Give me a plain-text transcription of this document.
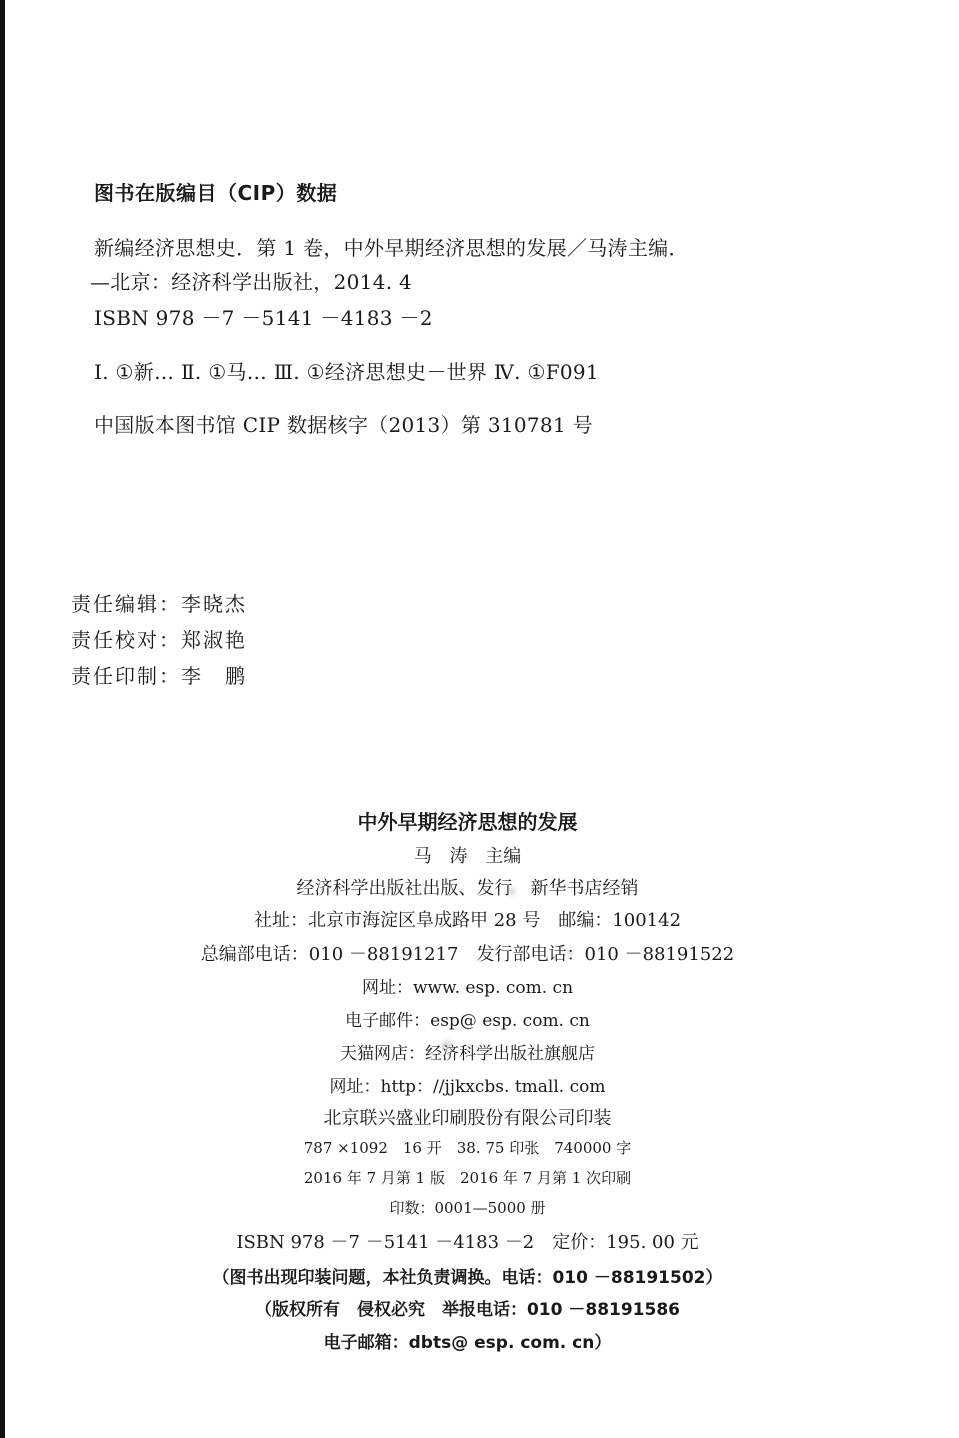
图书在版编目（CIP）数据
新编经济思想史．第 1 卷，中外早期经济思想的发展／马涛主编．
—北京：经济科学出版社，2014. 4
ISBN 978 －7 －5141 －4183 －2
Ⅰ. ①新… Ⅱ. ①马… Ⅲ. ①经济思想史－世界 Ⅳ. ①F091
中国版本图书馆 CIP 数据核字（2013）第 310781 号
责任编辑：李晓杰
责任校对：郑淑艳
责任印制：李　鹏
中外早期经济思想的发展
马 涛 主编
经济科学出版社出版、发行　新华书店经销
社址：北京市海淀区阜成路甲 28 号　邮编：100142
总编部电话：010 －88191217　发行部电话：010 －88191522
网址：www. esp. com. cn
电子邮件：esp@ esp. com. cn
天猫网店：经济科学出版社旗舰店
网址：http：//jjkxcbs. tmall. com
北京联兴盛业印刷股份有限公司印装
787 ×1092　16 开　38. 75 印张　740000 字
2016 年 7 月第 1 版　2016 年 7 月第 1 次印刷
印数：0001—5000 册
ISBN 978 －7 －5141 －4183 －2　定价：195. 00 元
（图书出现印装问题，本社负责调换。电话：010 －88191502）
（版权所有　侵权必究　举报电话：010 －88191586
电子邮箱：dbts@ esp. com. cn）
